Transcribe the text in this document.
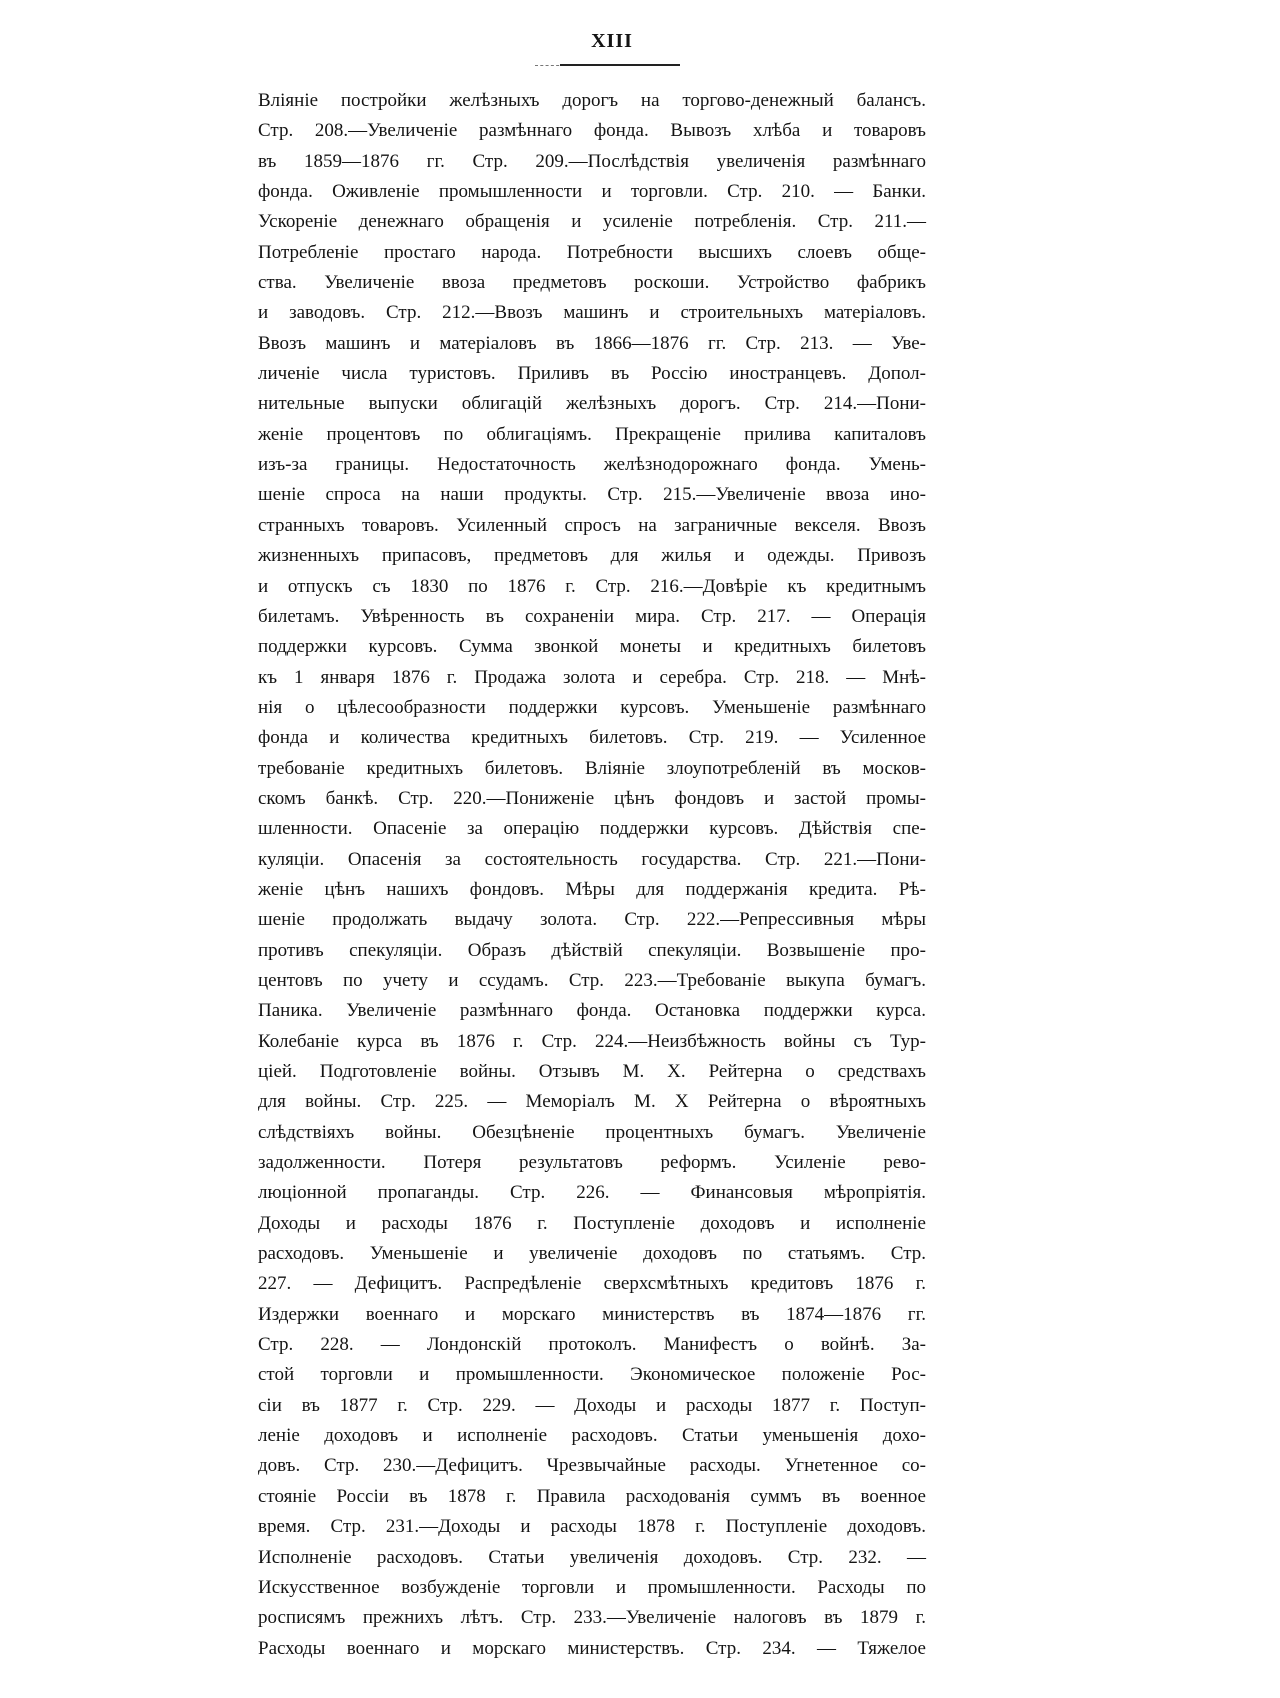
XIII
Вліяніе постройки желѣзныхъ дорогъ на торгово-денежный балансъ.
Стр. 208.—Увеличеніе размѣннаго фонда. Вывозъ хлѣба и товаровъ
въ 1859—1876 гг. Стр. 209.—Послѣдствія увеличенія размѣннаго
фонда. Оживленіе промышленности и торговли. Стр. 210. — Банки.
Ускореніе денежнаго обращенія и усиленіе потребленія. Стр. 211.—
Потребленіе простаго народа. Потребности высшихъ слоевъ обще-
ства. Увеличеніе ввоза предметовъ роскоши. Устройство фабрикъ
и заводовъ. Стр. 212.—Ввозъ машинъ и строительныхъ матеріаловъ.
Ввозъ машинъ и матеріаловъ въ 1866—1876 гг. Стр. 213. — Уве-
личеніе числа туристовъ. Приливъ въ Россію иностранцевъ. Допол-
нительные выпуски облигацій желѣзныхъ дорогъ. Стр. 214.—Пони-
женіе процентовъ по облигаціямъ. Прекращеніе прилива капиталовъ
изъ-за границы. Недостаточность желѣзнодорожнаго фонда. Умень-
шеніе спроса на наши продукты. Стр. 215.—Увеличеніе ввоза ино-
странныхъ товаровъ. Усиленный спросъ на заграничные векселя. Ввозъ
жизненныхъ припасовъ, предметовъ для жилья и одежды. Привозъ
и отпускъ съ 1830 по 1876 г. Стр. 216.—Довѣріе къ кредитнымъ
билетамъ. Увѣренность въ сохраненіи мира. Стр. 217. — Операція
поддержки курсовъ. Сумма звонкой монеты и кредитныхъ билетовъ
къ 1 января 1876 г. Продажа золота и серебра. Стр. 218. — Мнѣ-
нія о цѣлесообразности поддержки курсовъ. Уменьшеніе размѣннаго
фонда и количества кредитныхъ билетовъ. Стр. 219. — Усиленное
требованіе кредитныхъ билетовъ. Вліяніе злоупотребленій въ москов-
скомъ банкѣ. Стр. 220.—Пониженіе цѣнъ фондовъ и застой промы-
шленности. Опасеніе за операцію поддержки курсовъ. Дѣйствія спе-
куляціи. Опасенія за состоятельность государства. Стр. 221.—Пони-
женіе цѣнъ нашихъ фондовъ. Мѣры для поддержанія кредита. Рѣ-
шеніе продолжать выдачу золота. Стр. 222.—Репрессивныя мѣры
противъ спекуляціи. Образъ дѣйствій спекуляціи. Возвышеніе про-
центовъ по учету и ссудамъ. Стр. 223.—Требованіе выкупа бумагъ.
Паника. Увеличеніе размѣннаго фонда. Остановка поддержки курса.
Колебаніе курса въ 1876 г. Стр. 224.—Неизбѣжность войны съ Тур-
ціей. Подготовленіе войны. Отзывъ М. Х. Рейтерна о средствахъ
для войны. Стр. 225. — Меморіалъ М. Х Рейтерна о вѣроятныхъ
слѣдствіяхъ войны. Обезцѣненіе процентныхъ бумагъ. Увеличеніе
задолженности. Потеря результатовъ реформъ. Усиленіе рево-
люціонной пропаганды. Стр. 226. — Финансовыя мѣропріятія.
Доходы и расходы 1876 г. Поступленіе доходовъ и исполненіе
расходовъ. Уменьшеніе и увеличеніе доходовъ по статьямъ. Стр.
227. — Дефицитъ. Распредѣленіе сверхсмѣтныхъ кредитовъ 1876 г.
Издержки военнаго и морскаго министерствъ въ 1874—1876 гг.
Стр. 228. — Лондонскій протоколъ. Манифестъ о войнѣ. За-
стой торговли и промышленности. Экономическое положеніе Рос-
сіи въ 1877 г. Стр. 229. — Доходы и расходы 1877 г. Поступ-
леніе доходовъ и исполненіе расходовъ. Статьи уменьшенія дохо-
довъ. Стр. 230.—Дефицитъ. Чрезвычайные расходы. Угнетенное со-
стояніе Россіи въ 1878 г. Правила расходованія суммъ въ военное
время. Стр. 231.—Доходы и расходы 1878 г. Поступленіе доходовъ.
Исполненіе расходовъ. Статьи увеличенія доходовъ. Стр. 232. —
Искусственное возбужденіе торговли и промышленности. Расходы по
росписямъ прежнихъ лѣтъ. Стр. 233.—Увеличеніе налоговъ въ 1879 г.
Расходы военнаго и морскаго министерствъ. Стр. 234. — Тяжелое
